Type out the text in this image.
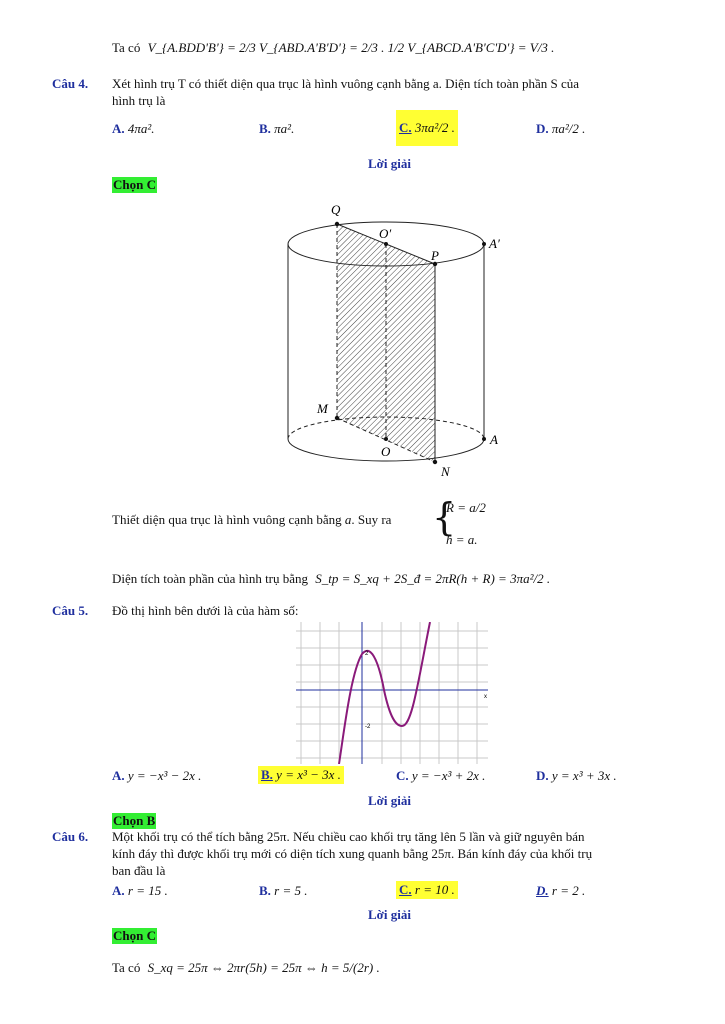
Ta có V_{A.BDD'B'} = 2/3 V_{ABD.A'B'D'} = 2/3 . 1/2 V_{ABCD.A'B'C'D'} = V/3 .
Câu 4. Xét hình trụ T có thiết diện qua trục là hình vuông cạnh bằng a. Diện tích toàn phần S của
hình trụ là
A. 4πa².	B. πa².	C. 3πa²/2 .	D. πa²/2 .
Lời giải
Chọn C
Q
O′
P
A′
M
O
A
N
Thiết diện qua trục là hình vuông cạnh bằng a. Suy ra {
R = a/2
h = a.
Diện tích toàn phần của hình trụ bằng S_tp = S_xq + 2S_đ = 2πR(h + R) = 3πa²/2 .
Câu 5. Đồ thị hình bên dưới là của hàm số:
x
2
-2
A. y = −x³ − 2x .	B. y = x³ − 3x .	C. y = −x³ + 2x .	D. y = x³ + 3x .
Lời giải
Chọn B
Câu 6. Một khối trụ có thể tích bằng 25π. Nếu chiều cao khối trụ tăng lên 5 lần và giữ nguyên bán
kính đáy thì được khối trụ mới có diện tích xung quanh bằng 25π. Bán kính đáy của khối trụ
ban đầu là
A. r = 15 .	B. r = 5 .	C. r = 10 .	D. r = 2 .
Lời giải
Chọn C
Ta có S_xq = 25π ⇔ 2πr(5h) = 25π ⇔ h = 5/(2r) .
